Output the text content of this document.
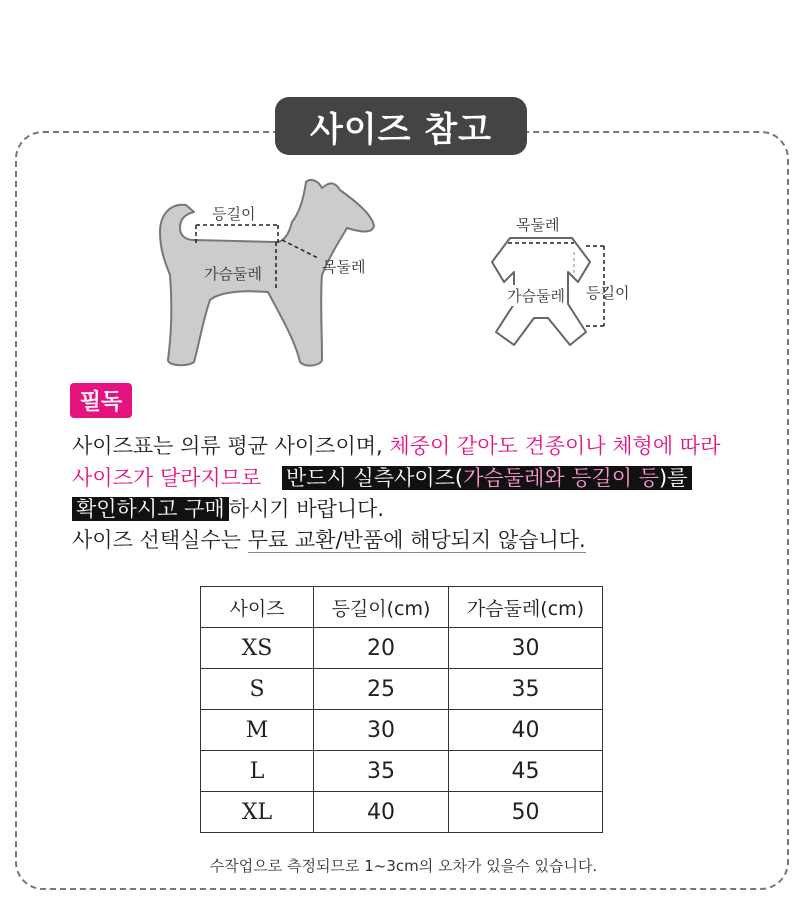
사이즈 참고
등길이
가슴둘레	목둘레
목둘레
가슴둘레 등길이
필독
사이즈표는 의류 평균 사이즈이며, 체중이 같아도 견종이나 체형에 따라
사이즈가 달라지므로 반드시 실측사이즈(가슴둘레와 등길이 등)를
확인하시고 구매 하시기 바랍니다.
사이즈 선택실수는 무료 교환/반품에 해당되지 않습니다.
사이즈	등길이(cm)	가슴둘레(cm)
XS	20	30
S	25	35
M	30	40
L	35	45
XL	40	50
수작업으로 측정되므로 1~3cm의 오차가 있을수 있습니다.
